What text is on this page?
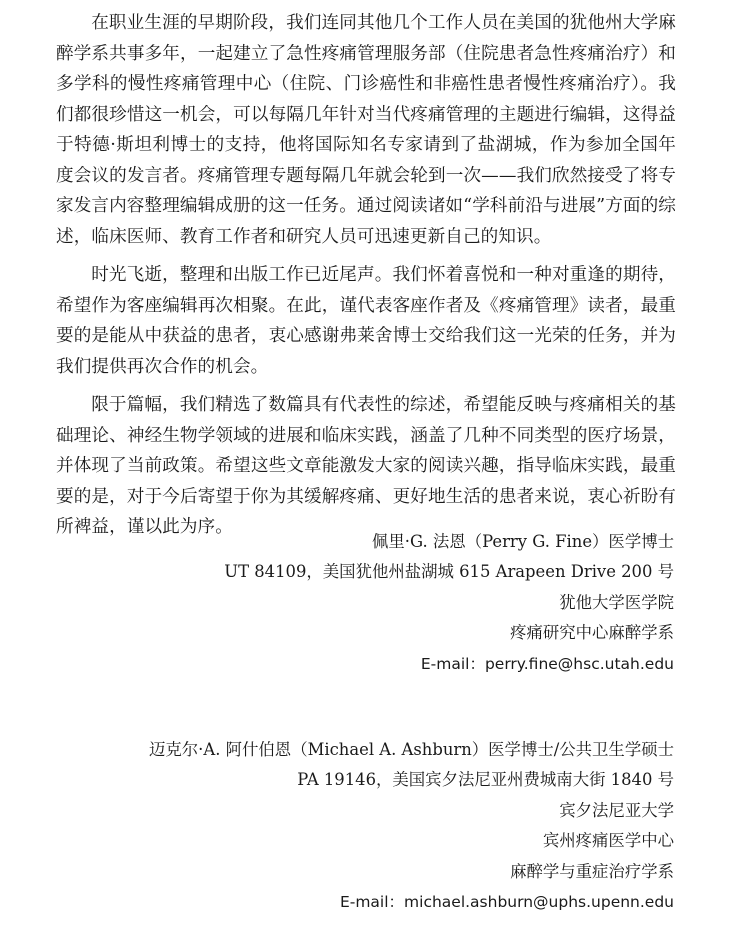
在职业生涯的早期阶段，我们连同其他几个工作人员在美国的犹他州大学麻醉学系共事多年，一起建立了急性疼痛管理服务部（住院患者急性疼痛治疗）和多学科的慢性疼痛管理中心（住院、门诊癌性和非癌性患者慢性疼痛治疗）。我们都很珍惜这一机会，可以每隔几年针对当代疼痛管理的主题进行编辑，这得益于特德·斯坦利博士的支持，他将国际知名专家请到了盐湖城，作为参加全国年度会议的发言者。疼痛管理专题每隔几年就会轮到一次——我们欣然接受了将专家发言内容整理编辑成册的这一任务。通过阅读诸如“学科前沿与进展”方面的综述，临床医师、教育工作者和研究人员可迅速更新自己的知识。

时光飞逝，整理和出版工作已近尾声。我们怀着喜悦和一种对重逢的期待，希望作为客座编辑再次相聚。在此，谨代表客座作者及《疼痛管理》读者，最重要的是能从中获益的患者，衷心感谢弗莱舍博士交给我们这一光荣的任务，并为我们提供再次合作的机会。

限于篇幅，我们精选了数篇具有代表性的综述，希望能反映与疼痛相关的基础理论、神经生物学领域的进展和临床实践，涵盖了几种不同类型的医疗场景，并体现了当前政策。希望这些文章能激发大家的阅读兴趣，指导临床实践，最重要的是，对于今后寄望于你为其缓解疼痛、更好地生活的患者来说，衷心祈盼有所裨益，谨以此为序。

佩里·G. 法恩（Perry G. Fine）医学博士
UT 84109，美国犹他州盐湖城 615 Arapeen Drive 200 号
犹他大学医学院
疼痛研究中心麻醉学系
E-mail：perry.fine@hsc.utah.edu
迈克尔·A. 阿什伯恩（Michael A. Ashburn）医学博士/公共卫生学硕士
PA 19146，美国宾夕法尼亚州费城南大街 1840 号
宾夕法尼亚大学
宾州疼痛医学中心
麻醉学与重症治疗学系
E-mail：michael.ashburn@uphs.upenn.edu
